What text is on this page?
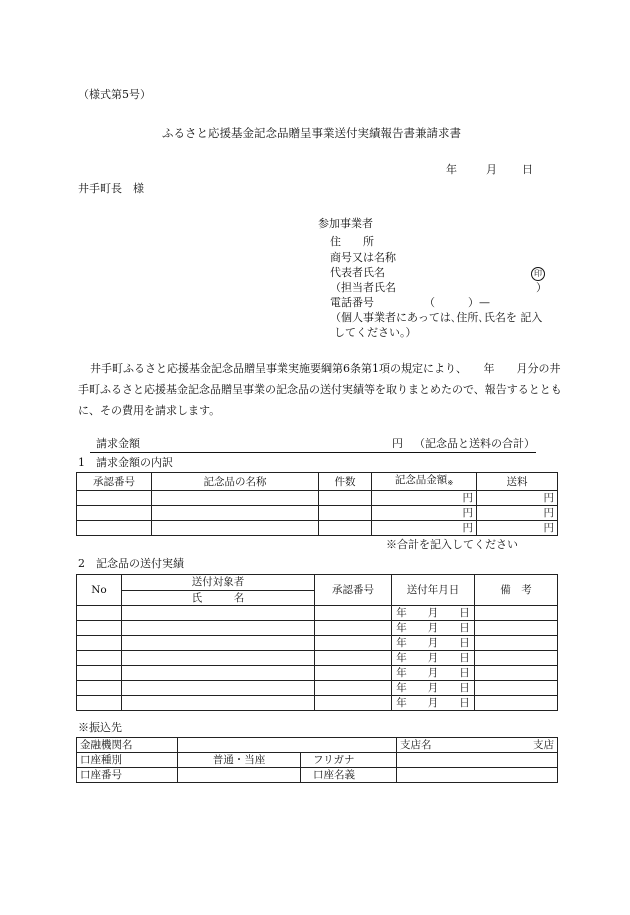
（様式第5号）
ふるさと応援基金記念品贈呈事業送付実績報告書兼請求書
年	月 日
井手町長　様
参加事業者
住　　所
商号又は名称
代表者氏名	印
（担当者氏名	）
電話番号	（　　　）—
（個人事業者にあっては､住所､氏名を 記入
してください。）
井手町ふるさと応援基金記念品贈呈事業実施要綱第6条第1項の規定により、　　年　　月分の井手町ふるさと応援基金記念品贈呈事業の記念品の送付実績等を取りまとめたので、報告するとともに、その費用を請求します。
請求金額	円 （記念品と送料の合計）
1　請求金額の内訳
承認番号	記念品の名称	件数	記念品金額※	送料
			円	円
			円	円
			円	円
※合計を記入してください
2　記念品の送付実績
No	送付対象者	承認番号	送付年月日	備　考
	氏　　　名			
			年　　月　　日	
			年　　月　　日	
			年　　月　　日	
			年　　月　　日	
			年　　月　　日	
			年　　月　　日	
			年　　月　　日	
※振込先
金融機関名			支店名 支店

口座種別	普通・当座	フリガナ	
口座番号		口座名義	
